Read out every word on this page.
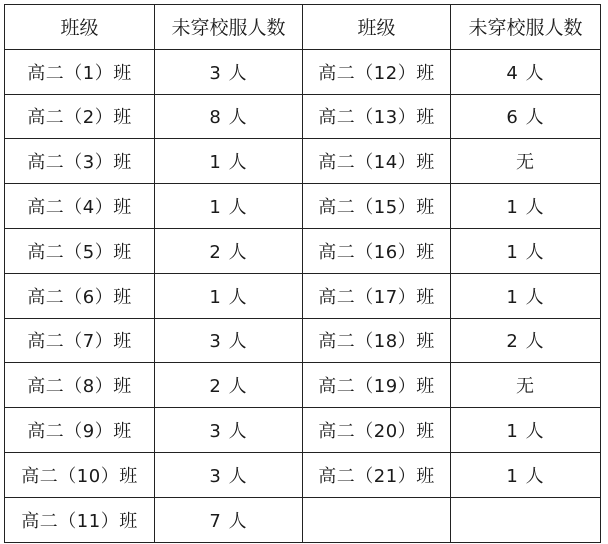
班级	未穿校服人数	班级	未穿校服人数
高二（1）班	3 人	高二（12）班	4 人
高二（2）班	8 人	高二（13）班	6 人
高二（3）班	1 人	高二（14）班	无
高二（4）班	1 人	高二（15）班	1 人
高二（5）班	2 人	高二（16）班	1 人
高二（6）班	1 人	高二（17）班	1 人
高二（7）班	3 人	高二（18）班	2 人
高二（8）班	2 人	高二（19）班	无
高二（9）班	3 人	高二（20）班	1 人
高二（10）班	3 人	高二（21）班	1 人
高二（11）班	7 人		
